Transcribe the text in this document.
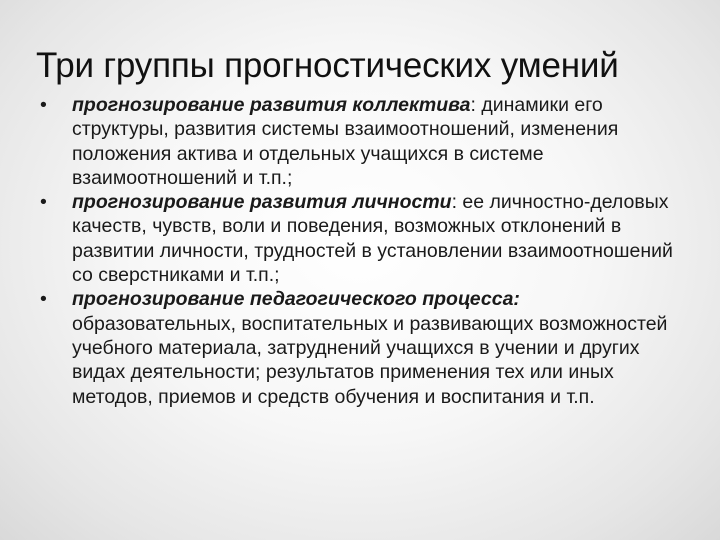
Три группы прогностических умений
•	прогнозирование развития коллектива: динамики его структуры, развития системы взаимоотношений, изменения положения актива и отдельных учащихся в системе взаимоотношений и т.п.;
•	прогнозирование развития личности: ее личностно-деловых качеств, чувств, воли и поведения, возможных отклонений в развитии личности, трудностей в установлении взаимоотношений со сверстниками и т.п.;
•	прогнозирование педагогического процесса: образовательных, воспитательных и развивающих возможностей учебного материала, затруднений учащихся в учении и других видах деятельности; результатов применения тех или иных методов, приемов и средств обучения и воспитания и т.п.
